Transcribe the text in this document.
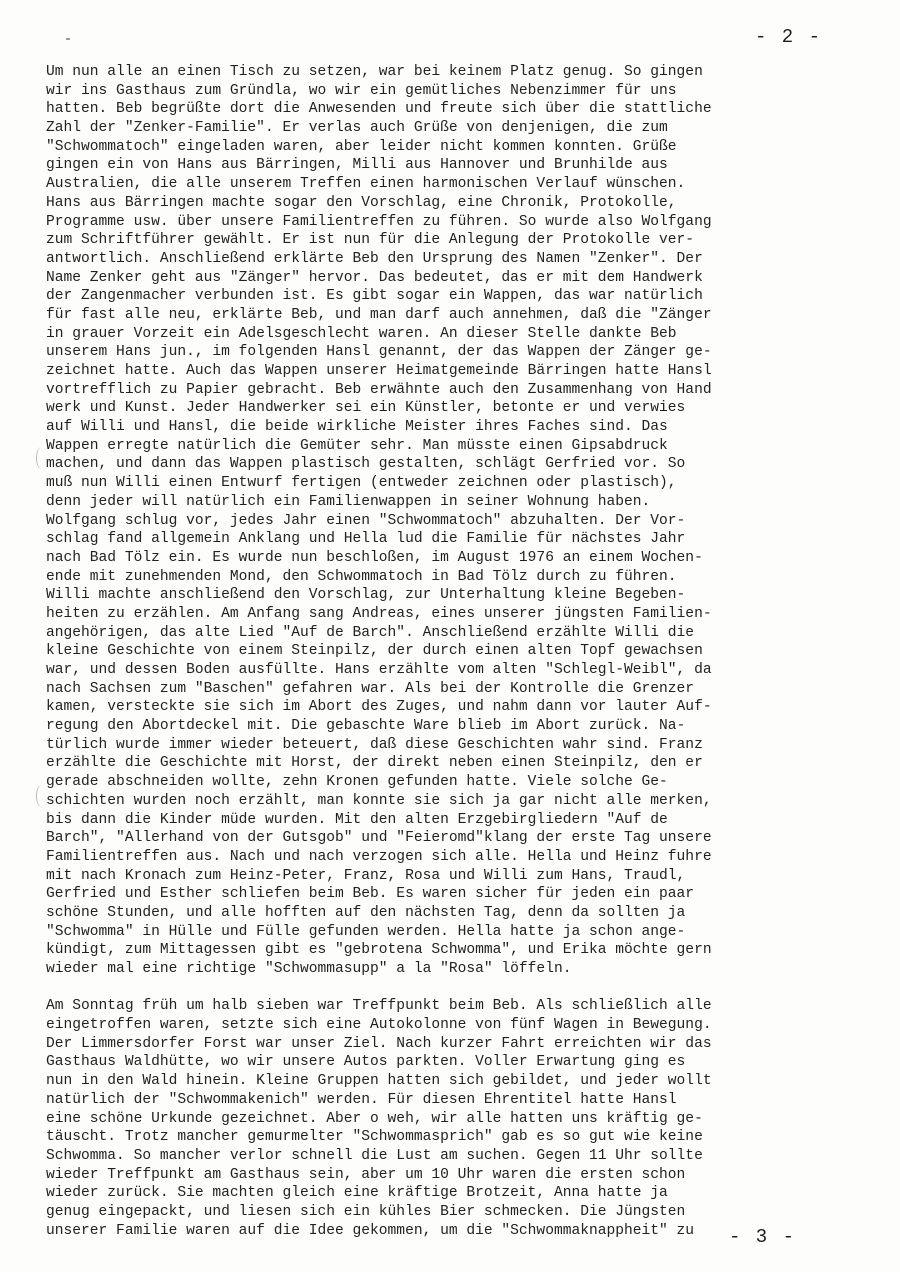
- 2 -
Um nun alle an einen Tisch zu setzen, war bei keinem Platz genug. So gingen
wir ins Gasthaus zum Gründla, wo wir ein gemütliches Nebenzimmer für uns
hatten. Beb begrüßte dort die Anwesenden und freute sich über die stattliche
Zahl der "Zenker-Familie". Er verlas auch Grüße von denjenigen, die zum
"Schwommatoch" eingeladen waren, aber leider nicht kommen konnten. Grüße
gingen ein von Hans aus Bärringen, Milli aus Hannover und Brunhilde aus
Australien, die alle unserem Treffen einen harmonischen Verlauf wünschen.
Hans aus Bärringen machte sogar den Vorschlag, eine Chronik, Protokolle,
Programme usw. über unsere Familientreffen zu führen. So wurde also Wolfgang
zum Schriftführer gewählt. Er ist nun für die Anlegung der Protokolle ver-
antwortlich. Anschließend erklärte Beb den Ursprung des Namen "Zenker". Der
Name Zenker geht aus "Zänger" hervor. Das bedeutet, das er mit dem Handwerk
der Zangenmacher verbunden ist. Es gibt sogar ein Wappen, das war natürlich
für fast alle neu, erklärte Beb, und man darf auch annehmen, daß die "Zänger
in grauer Vorzeit ein Adelsgeschlecht waren. An dieser Stelle dankte Beb
unserem Hans jun., im folgenden Hansl genannt, der das Wappen der Zänger ge-
zeichnet hatte. Auch das Wappen unserer Heimatgemeinde Bärringen hatte Hansl
vortrefflich zu Papier gebracht. Beb erwähnte auch den Zusammenhang von Hand
werk und Kunst. Jeder Handwerker sei ein Künstler, betonte er und verwies
auf Willi und Hansl, die beide wirkliche Meister ihres Faches sind. Das
Wappen erregte natürlich die Gemüter sehr. Man müsste einen Gipsabdruck
machen, und dann das Wappen plastisch gestalten, schlägt Gerfried vor. So
muß nun Willi einen Entwurf fertigen (entweder zeichnen oder plastisch),
denn jeder will natürlich ein Familienwappen in seiner Wohnung haben.
Wolfgang schlug vor, jedes Jahr einen "Schwommatoch" abzuhalten. Der Vor-
schlag fand allgemein Anklang und Hella lud die Familie für nächstes Jahr
nach Bad Tölz ein. Es wurde nun beschloßen, im August 1976 an einem Wochen-
ende mit zunehmenden Mond, den Schwommatoch in Bad Tölz durch zu führen.
Willi machte anschließend den Vorschlag, zur Unterhaltung kleine Begeben-
heiten zu erzählen. Am Anfang sang Andreas, eines unserer jüngsten Familien-
angehörigen, das alte Lied "Auf de Barch". Anschließend erzählte Willi die
kleine Geschichte von einem Steinpilz, der durch einen alten Topf gewachsen
war, und dessen Boden ausfüllte. Hans erzählte vom alten "Schlegl-Weibl", da
nach Sachsen zum "Baschen" gefahren war. Als bei der Kontrolle die Grenzer
kamen, versteckte sie sich im Abort des Zuges, und nahm dann vor lauter Auf-
regung den Abortdeckel mit. Die gebaschte Ware blieb im Abort zurück. Na-
türlich wurde immer wieder beteuert, daß diese Geschichten wahr sind. Franz
erzählte die Geschichte mit Horst, der direkt neben einen Steinpilz, den er
gerade abschneiden wollte, zehn Kronen gefunden hatte. Viele solche Ge-
schichten wurden noch erzählt, man konnte sie sich ja gar nicht alle merken,
bis dann die Kinder müde wurden. Mit den alten Erzgebirgliedern "Auf de
Barch", "Allerhand von der Gutsgob" und "Feieromd"klang der erste Tag unsere
Familientreffen aus. Nach und nach verzogen sich alle. Hella und Heinz fuhre
mit nach Kronach zum Heinz-Peter, Franz, Rosa und Willi zum Hans, Traudl,
Gerfried und Esther schliefen beim Beb. Es waren sicher für jeden ein paar
schöne Stunden, und alle hofften auf den nächsten Tag, denn da sollten ja
"Schwomma" in Hülle und Fülle gefunden werden. Hella hatte ja schon ange-
kündigt, zum Mittagessen gibt es "gebrotena Schwomma", und Erika möchte gern
wieder mal eine richtige "Schwommasupp" a la "Rosa" löffeln.
Am Sonntag früh um halb sieben war Treffpunkt beim Beb. Als schließlich alle
eingetroffen waren, setzte sich eine Autokolonne von fünf Wagen in Bewegung.
Der Limmersdorfer Forst war unser Ziel. Nach kurzer Fahrt erreichten wir das
Gasthaus Waldhütte, wo wir unsere Autos parkten. Voller Erwartung ging es
nun in den Wald hinein. Kleine Gruppen hatten sich gebildet, und jeder wollt
natürlich der "Schwommakenich" werden. Für diesen Ehrentitel hatte Hansl
eine schöne Urkunde gezeichnet. Aber o weh, wir alle hatten uns kräftig ge-
täuscht. Trotz mancher gemurmelter "Schwommasprich" gab es so gut wie keine
Schwomma. So mancher verlor schnell die Lust am suchen. Gegen 11 Uhr sollte
wieder Treffpunkt am Gasthaus sein, aber um 10 Uhr waren die ersten schon
wieder zurück. Sie machten gleich eine kräftige Brotzeit, Anna hatte ja
genug eingepackt, und liesen sich ein kühles Bier schmecken. Die Jüngsten
unserer Familie waren auf die Idee gekommen, um die "Schwommaknappheit" zu	- 3 -
